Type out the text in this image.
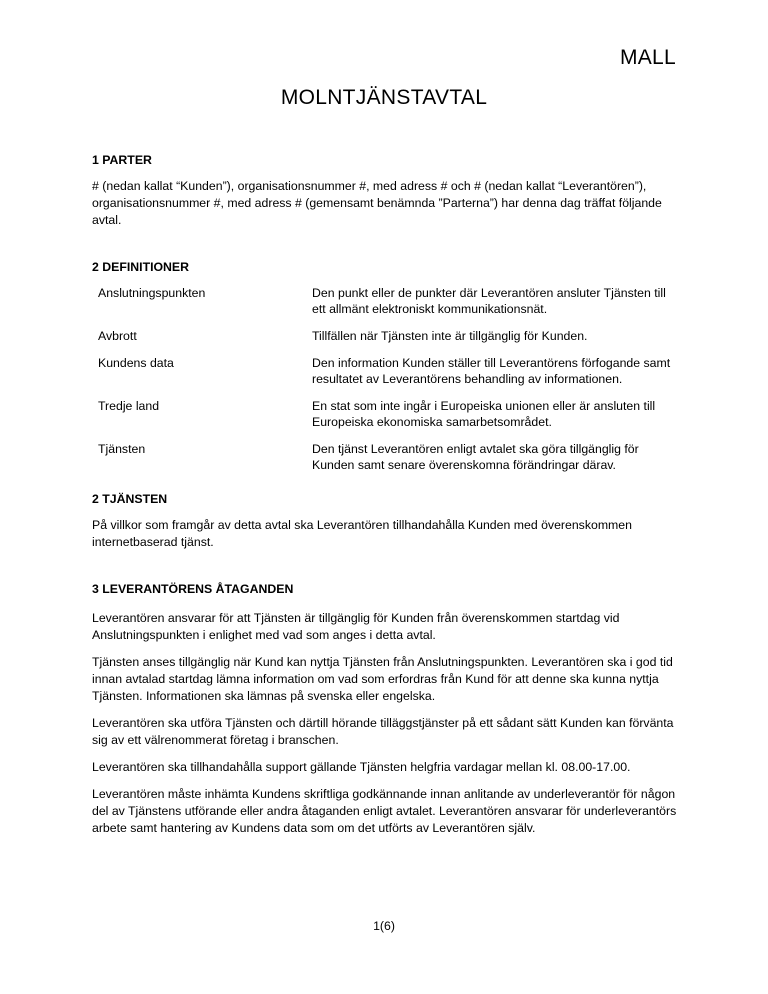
MALL
MOLNTJÄNSTAVTAL

1 PARTER

# (nedan kallat “Kunden”), organisationsnummer #, med adress # och # (nedan kallat “Leverantören”), organisationsnummer #, med adress # (gemensamt benämnda ”Parterna”) har denna dag träffat följande avtal.

2 DEFINITIONER

Anslutningspunkten	Den punkt eller de punkter där Leverantören ansluter Tjänsten till ett allmänt elektroniskt kommunikationsnät.
Avbrott	Tillfällen när Tjänsten inte är tillgänglig för Kunden.
Kundens data	Den information Kunden ställer till Leverantörens förfogande samt resultatet av Leverantörens behandling av informationen.
Tredje land	En stat som inte ingår i Europeiska unionen eller är ansluten till Europeiska ekonomiska samarbetsområdet.
Tjänsten	Den tjänst Leverantören enligt avtalet ska göra tillgänglig för Kunden samt senare överenskomna förändringar därav.

2 TJÄNSTEN

På villkor som framgår av detta avtal ska Leverantören tillhandahålla Kunden med överenskommen internetbaserad tjänst.

3 LEVERANTÖRENS ÅTAGANDEN

Leverantören ansvarar för att Tjänsten är tillgänglig för Kunden från överenskommen startdag vid Anslutningspunkten i enlighet med vad som anges i detta avtal.

Tjänsten anses tillgänglig när Kund kan nyttja Tjänsten från Anslutningspunkten. Leverantören ska i god tid innan avtalad startdag lämna information om vad som erfordras från Kund för att denne ska kunna nyttja Tjänsten. Informationen ska lämnas på svenska eller engelska.

Leverantören ska utföra Tjänsten och därtill hörande tilläggstjänster på ett sådant sätt Kunden kan förvänta sig av ett välrenommerat företag i branschen.

Leverantören ska tillhandahålla support gällande Tjänsten helgfria vardagar mellan kl. 08.00-17.00.

Leverantören måste inhämta Kundens skriftliga godkännande innan anlitande av underleverantör för någon del av Tjänstens utförande eller andra åtaganden enligt avtalet. Leverantören ansvarar för underleverantörs arbete samt hantering av Kundens data som om det utförts av Leverantören själv.

1(6)
